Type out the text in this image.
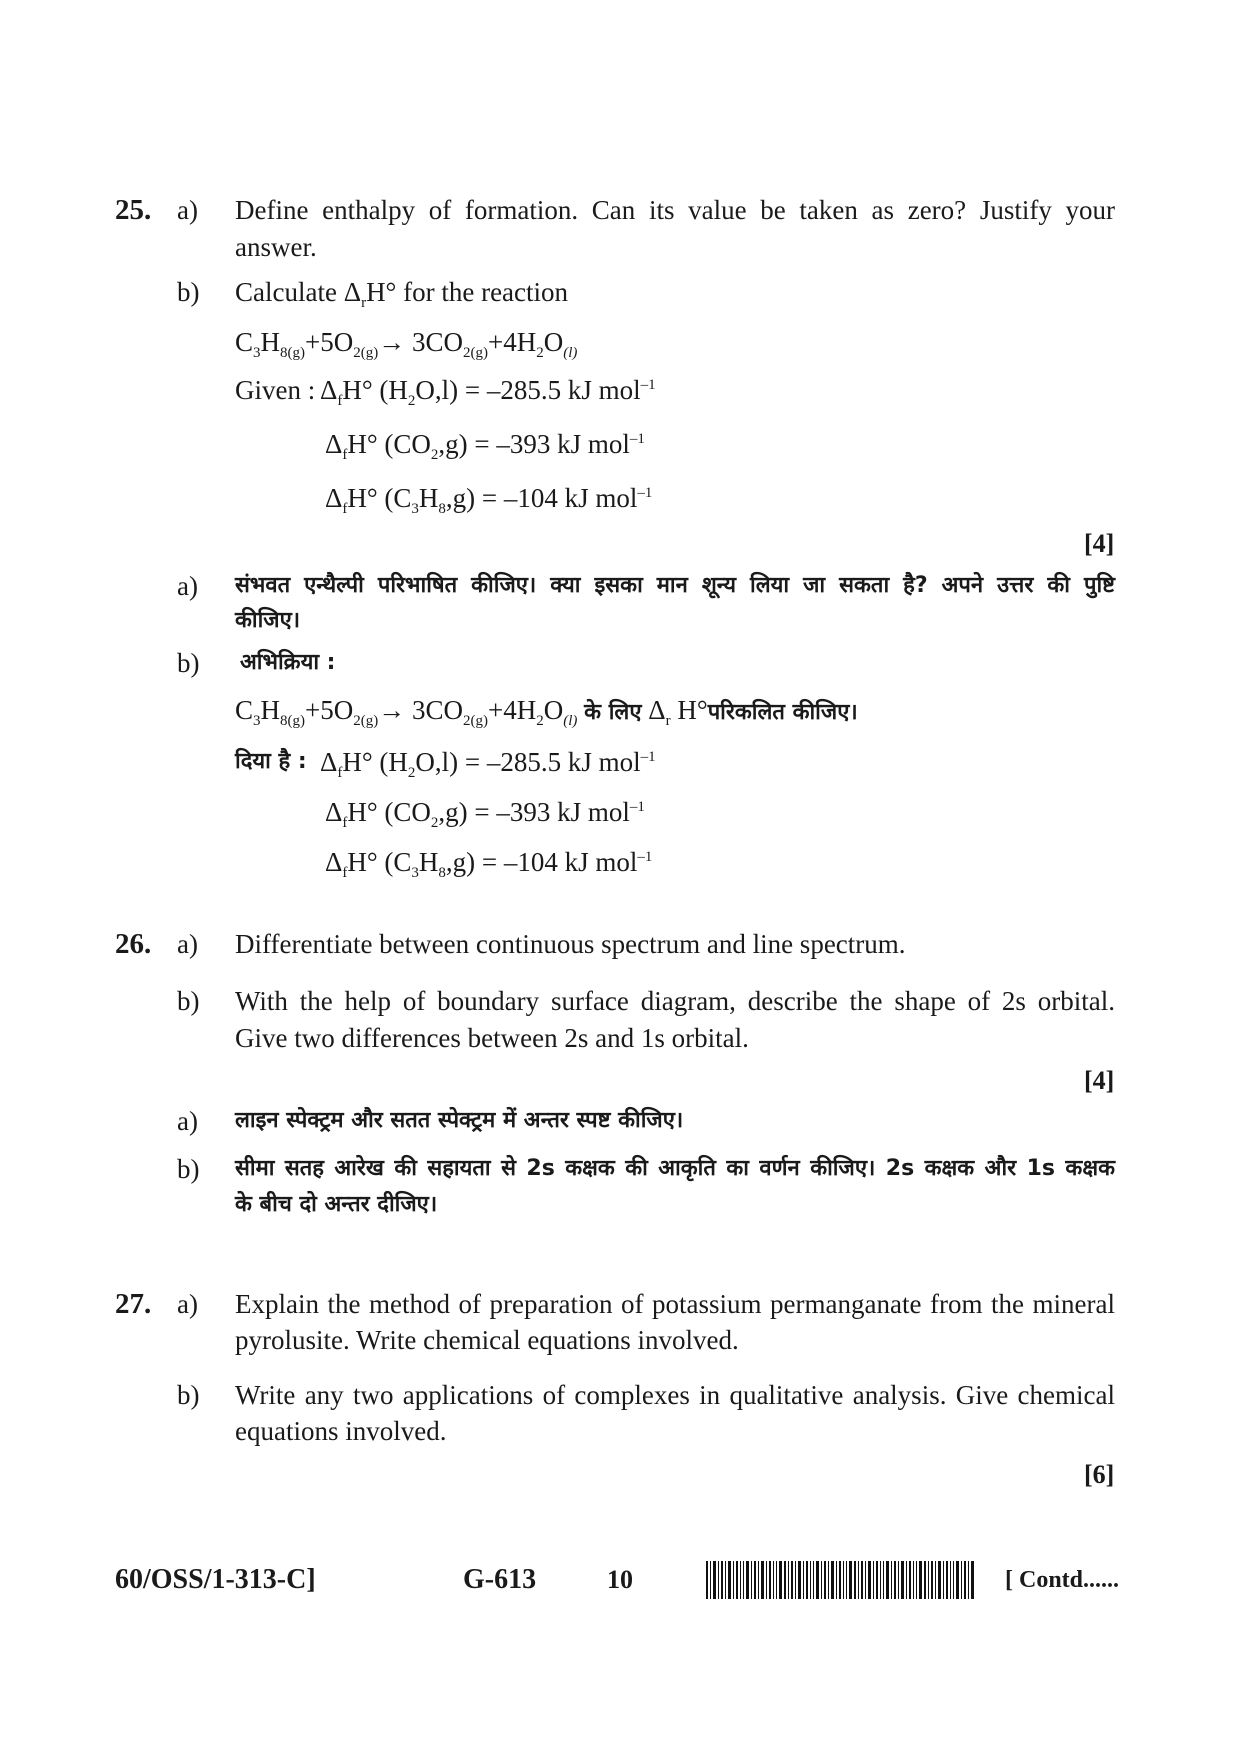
25. a) Define enthalpy of formation. Can its value be taken as zero? Justify your
answer.
b) Calculate $\Delta_rH^\circ$ for the reaction
$C_3H_{8(g)}+5O_{2(g)}\to 3CO_{2(g)}+4H_2O_{(l)}$
Given : $\Delta_fH^\circ$ $(H_2O,l) = -285.5$ kJ mol$^{-1}$
$\Delta_fH^\circ$ $(CO_2,g) = -393$ kJ mol$^{-1}$
$\Delta_fH^\circ$ $(C_3H_8,g) = -104$ kJ mol$^{-1}$
[4]
a) संभवत एन्थैल्पी परिभाषित कीजिए। क्या इसका मान शून्य लिया जा सकता है? अपने उत्तर की पुष्टि
कीजिए।
b) अभिक्रिया :
$C_3H_{8(g)}+5O_{2(g)}\to 3CO_{2(g)}+4H_2O_{(l)}$ के लिए $\Delta_r$ H°परिकलित कीजिए।
दिया है : $\Delta_fH^\circ$ $(H_2O,l) = -285.5$ kJ mol$^{-1}$
$\Delta_fH^\circ$ $(CO_2,g) = -393$ kJ mol$^{-1}$
$\Delta_fH^\circ$ $(C_3H_8,g) = -104$ kJ mol$^{-1}$
26. a) Differentiate between continuous spectrum and line spectrum.
b) With the help of boundary surface diagram, describe the shape of 2s orbital.
Give two differences between 2s and 1s orbital.
[4]
a) लाइन स्पेक्ट्रम और सतत स्पेक्ट्रम में अन्तर स्पष्ट कीजिए।
b) सीमा सतह आरेख की सहायता से 2s कक्षक की आकृति का वर्णन कीजिए। 2s कक्षक और 1s कक्षक
के बीच दो अन्तर दीजिए।
27. a) Explain the method of preparation of potassium permanganate from the mineral
pyrolusite. Write chemical equations involved.
b) Write any two applications of complexes in qualitative analysis. Give chemical
equations involved.
[6]
60/OSS/1-313-C]	G-613	10	[ Contd......
